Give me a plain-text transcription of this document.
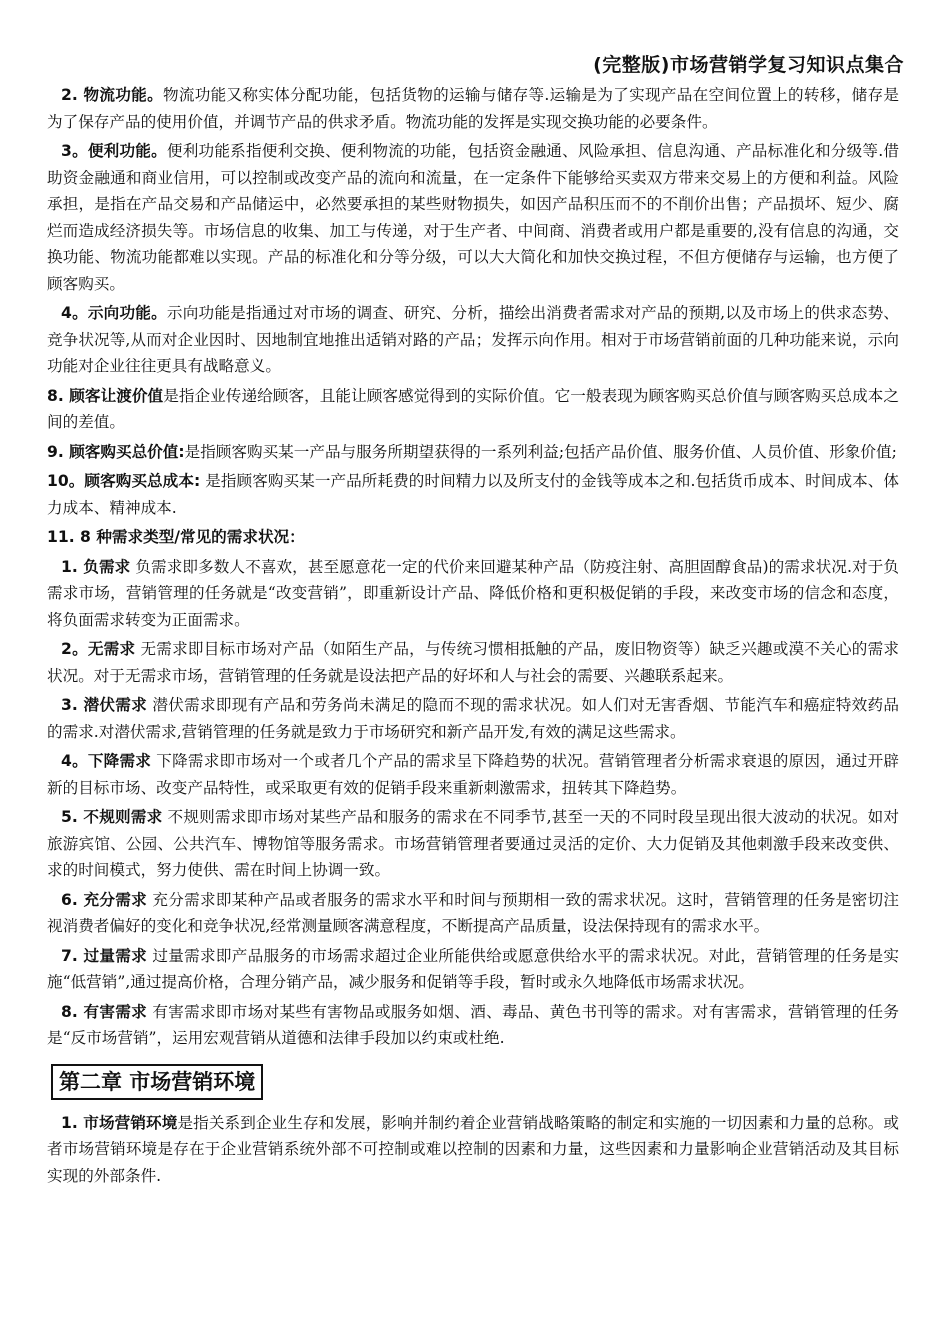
(完整版)市场营销学复习知识点集合

2. 物流功能。物流功能又称实体分配功能，包括货物的运输与储存等.运输是为了实现产品在空间位置上的转移，储存是为了保存产品的使用价值，并调节产品的供求矛盾。物流功能的发挥是实现交换功能的必要条件。

3。便利功能。便利功能系指便利交换、便利物流的功能，包括资金融通、风险承担、信息沟通、产品标准化和分级等.借助资金融通和商业信用，可以控制或改变产品的流向和流量，在一定条件下能够给买卖双方带来交易上的方便和利益。风险承担，是指在产品交易和产品储运中，必然要承担的某些财物损失，如因产品积压而不的不削价出售；产品损坏、短少、腐烂而造成经济损失等。市场信息的收集、加工与传递，对于生产者、中间商、消费者或用户都是重要的,没有信息的沟通，交换功能、物流功能都难以实现。产品的标准化和分等分级，可以大大简化和加快交换过程，不但方便储存与运输，也方便了顾客购买。

4。示向功能。示向功能是指通过对市场的调查、研究、分析，描绘出消费者需求对产品的预期,以及市场上的供求态势、竞争状况等,从而对企业因时、因地制宜地推出适销对路的产品；发挥示向作用。相对于市场营销前面的几种功能来说，示向功能对企业往往更具有战略意义。

8. 顾客让渡价值是指企业传递给顾客，且能让顾客感觉得到的实际价值。它一般表现为顾客购买总价值与顾客购买总成本之间的差值。

9. 顾客购买总价值:是指顾客购买某一产品与服务所期望获得的一系列利益;包括产品价值、服务价值、人员价值、形象价值;

10。顾客购买总成本: 是指顾客购买某一产品所耗费的时间精力以及所支付的金钱等成本之和.包括货币成本、时间成本、体力成本、精神成本.

11. 8 种需求类型/常见的需求状况：

1. 负需求 负需求即多数人不喜欢，甚至愿意花一定的代价来回避某种产品（防疫注射、高胆固醇食品)的需求状况.对于负需求市场，营销管理的任务就是“改变营销”，即重新设计产品、降低价格和更积极促销的手段，来改变市场的信念和态度，将负面需求转变为正面需求。

2。无需求 无需求即目标市场对产品（如陌生产品，与传统习惯相抵触的产品，废旧物资等）缺乏兴趣或漠不关心的需求状况。对于无需求市场，营销管理的任务就是设法把产品的好坏和人与社会的需要、兴趣联系起来。

3. 潜伏需求 潜伏需求即现有产品和劳务尚未满足的隐而不现的需求状况。如人们对无害香烟、节能汽车和癌症特效药品的需求.对潜伏需求,营销管理的任务就是致力于市场研究和新产品开发,有效的满足这些需求。

4。下降需求 下降需求即市场对一个或者几个产品的需求呈下降趋势的状况。营销管理者分析需求衰退的原因，通过开辟新的目标市场、改变产品特性，或采取更有效的促销手段来重新刺激需求，扭转其下降趋势。

5. 不规则需求 不规则需求即市场对某些产品和服务的需求在不同季节,甚至一天的不同时段呈现出很大波动的状况。如对旅游宾馆、公园、公共汽车、博物馆等服务需求。市场营销管理者要通过灵活的定价、大力促销及其他刺激手段来改变供、求的时间模式，努力使供、需在时间上协调一致。

6. 充分需求 充分需求即某种产品或者服务的需求水平和时间与预期相一致的需求状况。这时，营销管理的任务是密切注视消费者偏好的变化和竞争状况,经常测量顾客满意程度，不断提高产品质量，设法保持现有的需求水平。

7. 过量需求 过量需求即产品服务的市场需求超过企业所能供给或愿意供给水平的需求状况。对此，营销管理的任务是实施“低营销”,通过提高价格，合理分销产品，减少服务和促销等手段，暂时或永久地降低市场需求状况。

8. 有害需求 有害需求即市场对某些有害物品或服务如烟、酒、毒品、黄色书刊等的需求。对有害需求，营销管理的任务是“反市场营销”，运用宏观营销从道德和法律手段加以约束或杜绝.

第二章 市场营销环境

1. 市场营销环境是指关系到企业生存和发展，影响并制约着企业营销战略策略的制定和实施的一切因素和力量的总称。或者市场营销环境是存在于企业营销系统外部不可控制或难以控制的因素和力量，这些因素和力量影响企业营销活动及其目标实现的外部条件.
